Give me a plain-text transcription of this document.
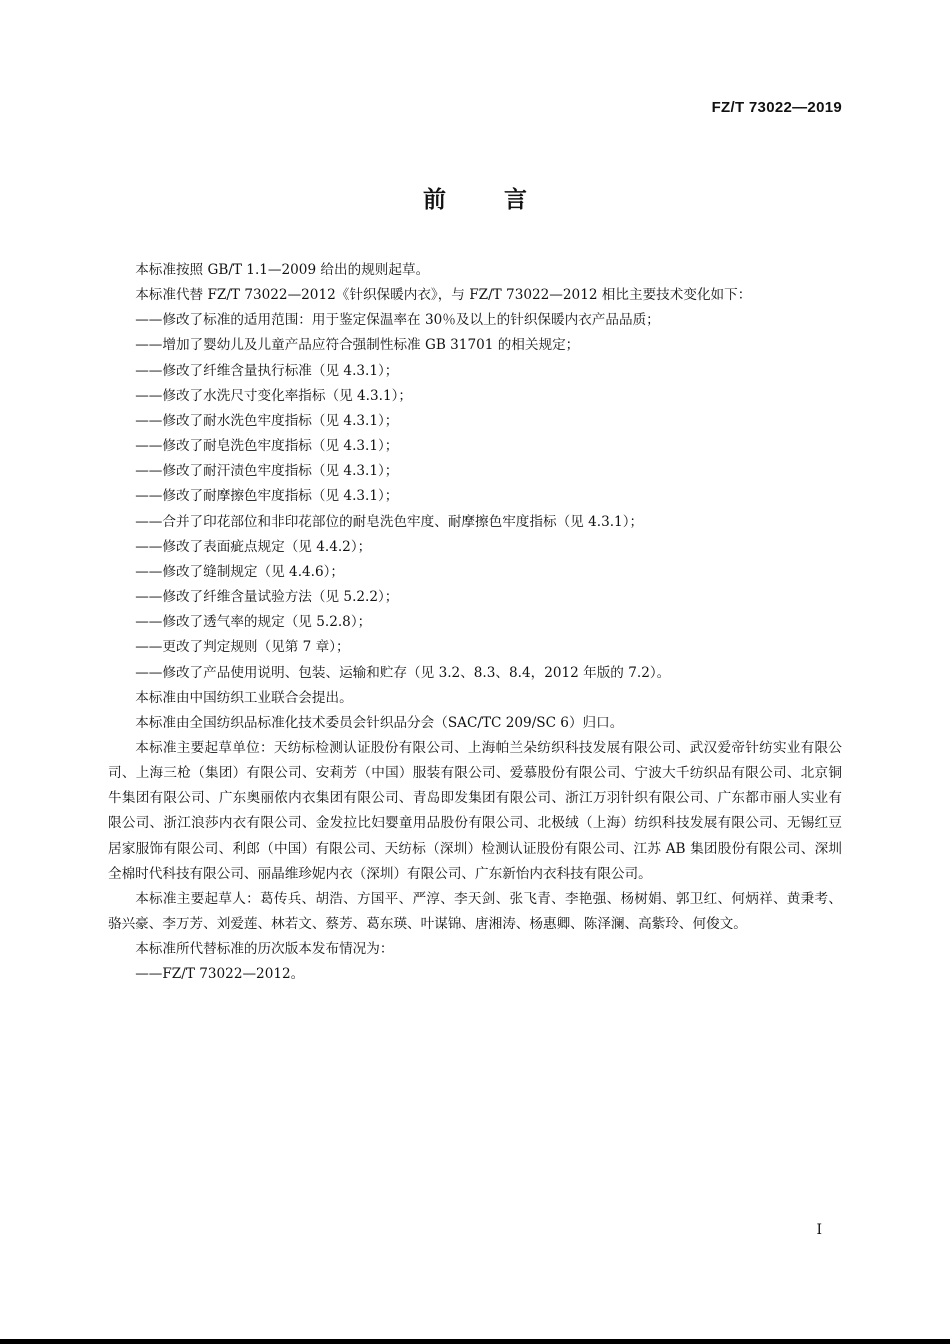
FZ/T 73022—2019
前言

本标准按照 GB/T 1.1—2009 给出的规则起草。

本标准代替 FZ/T 73022—2012《针织保暖内衣》，与 FZ/T 73022—2012 相比主要技术变化如下：

——修改了标准的适用范围：用于鉴定保温率在 30％及以上的针织保暖内衣产品品质；

——增加了婴幼儿及儿童产品应符合强制性标准 GB 31701 的相关规定；

——修改了纤维含量执行标准（见 4.3.1）；

——修改了水洗尺寸变化率指标（见 4.3.1）；

——修改了耐水洗色牢度指标（见 4.3.1）；

——修改了耐皂洗色牢度指标（见 4.3.1）；

——修改了耐汗渍色牢度指标（见 4.3.1）；

——修改了耐摩擦色牢度指标（见 4.3.1）；

——合并了印花部位和非印花部位的耐皂洗色牢度、耐摩擦色牢度指标（见 4.3.1）；

——修改了表面疵点规定（见 4.4.2）；

——修改了缝制规定（见 4.4.6）；

——修改了纤维含量试验方法（见 5.2.2）；

——修改了透气率的规定（见 5.2.8）；

——更改了判定规则（见第 7 章）；

——修改了产品使用说明、包装、运输和贮存（见 3.2、8.3、8.4，2012 年版的 7.2）。

本标准由中国纺织工业联合会提出。

本标准由全国纺织品标准化技术委员会针织品分会（SAC/TC 209/SC 6）归口。

本标准主要起草单位：天纺标检测认证股份有限公司、上海帕兰朵纺织科技发展有限公司、武汉爱帝针纺实业有限公司、上海三枪（集团）有限公司、安莉芳（中国）服装有限公司、爱慕股份有限公司、宁波大千纺织品有限公司、北京铜牛集团有限公司、广东奥丽侬内衣集团有限公司、青岛即发集团有限公司、浙江万羽针织有限公司、广东都市丽人实业有限公司、浙江浪莎内衣有限公司、金发拉比妇婴童用品股份有限公司、北极绒（上海）纺织科技发展有限公司、无锡红豆居家服饰有限公司、利郎（中国）有限公司、天纺标（深圳）检测认证股份有限公司、江苏 AB 集团股份有限公司、深圳全棉时代科技有限公司、丽晶维珍妮内衣（深圳）有限公司、广东新怡内衣科技有限公司。

本标准主要起草人：葛传兵、胡浩、方国平、严淳、李天剑、张飞青、李艳强、杨树娟、郭卫红、何炳祥、黄秉考、骆兴豪、李万芳、刘爱莲、林若文、蔡芳、葛东瑛、叶谋锦、唐湘涛、杨惠卿、陈泽澜、高紫玲、何俊文。

本标准所代替标准的历次版本发布情况为：

——FZ/T 73022—2012。

I
